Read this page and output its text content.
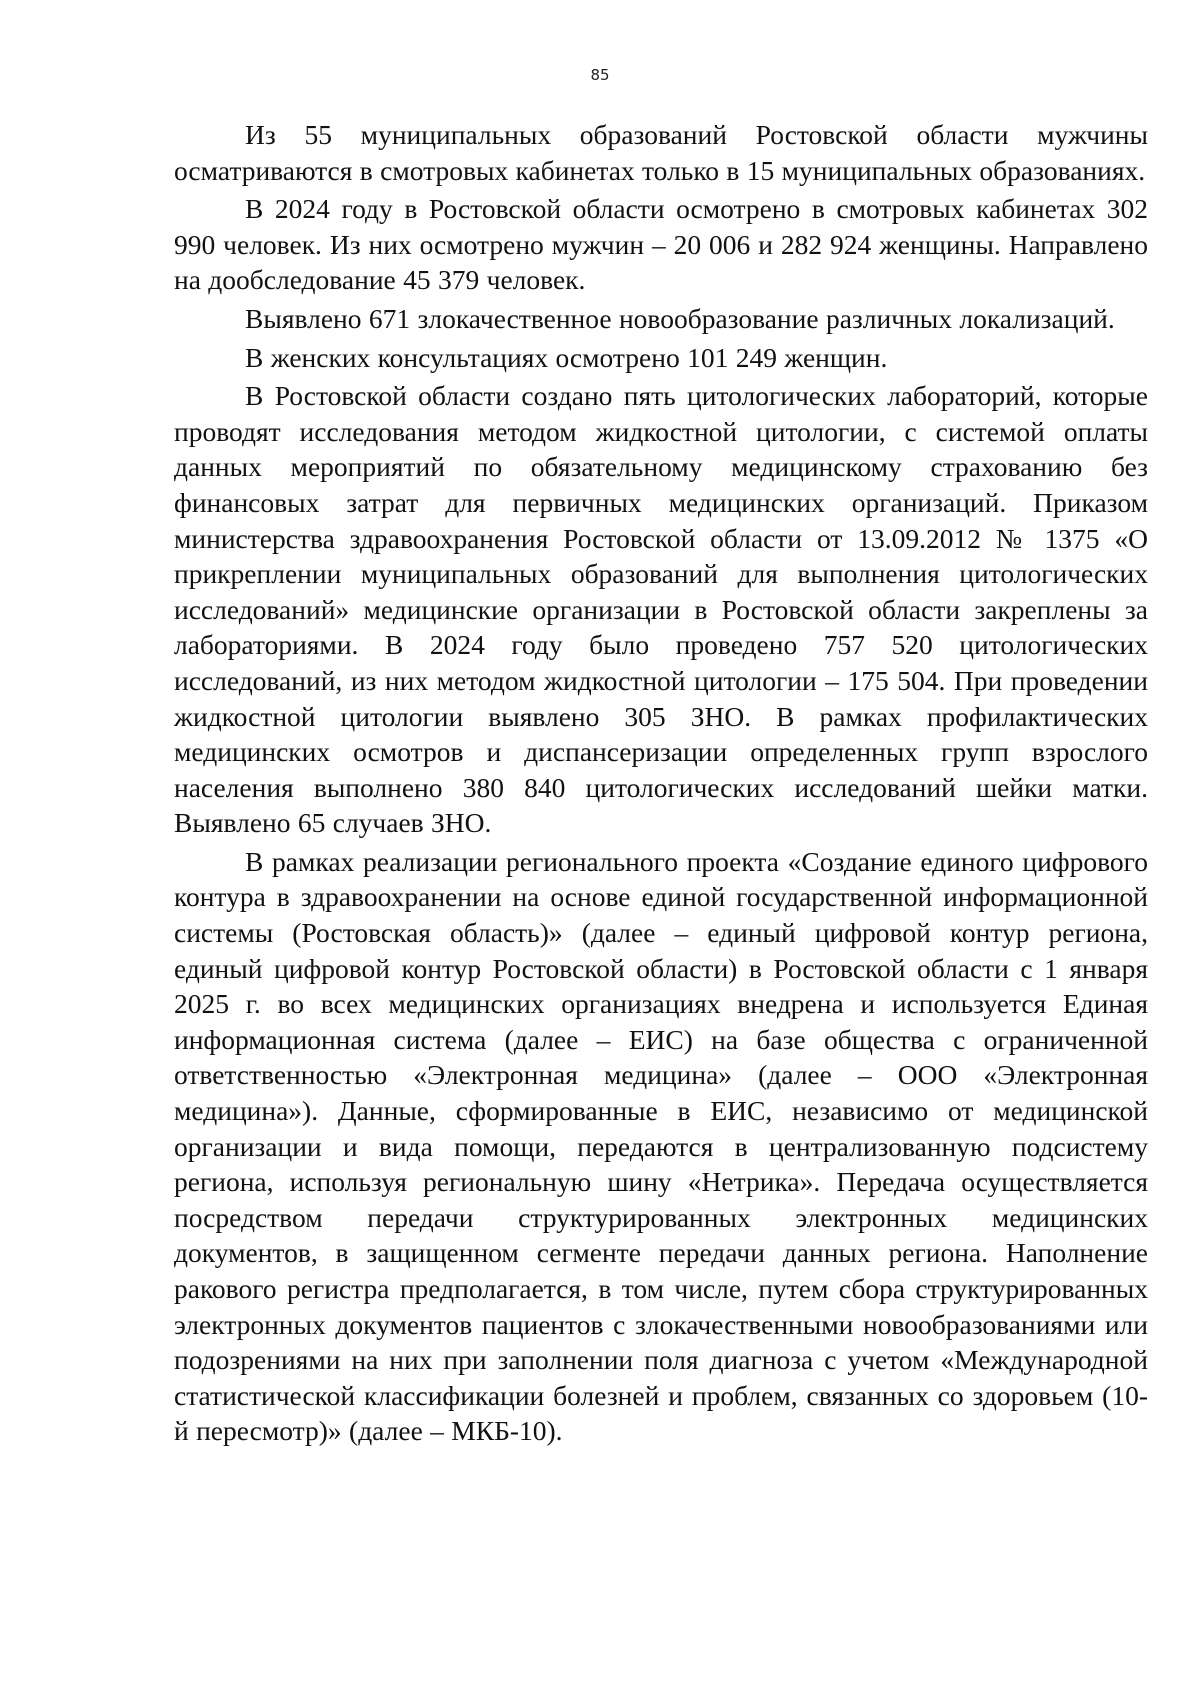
85

Из 55 муниципальных образований Ростовской области мужчины осматриваются в смотровых кабинетах только в 15 муниципальных образованиях.

В 2024 году в Ростовской области осмотрено в смотровых кабинетах 302 990 человек. Из них осмотрено мужчин – 20 006 и 282 924 женщины. Направлено на дообследование 45 379 человек.

Выявлено 671 злокачественное новообразование различных локализаций.

В женских консультациях осмотрено 101 249 женщин.

В Ростовской области создано пять цитологических лабораторий, которые проводят исследования методом жидкостной цитологии, с системой оплаты данных мероприятий по обязательному медицинскому страхованию без финансовых затрат для первичных медицинских организаций. Приказом министерства здравоохранения Ростовской области от 13.09.2012 № 1375 «О прикреплении муниципальных образований для выполнения цитологических исследований» медицинские организации в Ростовской области закреплены за лабораториями. В 2024 году было проведено 757 520 цитологических исследований, из них методом жидкостной цитологии – 175 504. При проведении жидкостной цитологии выявлено 305 ЗНО. В рамках профилактических медицинских осмотров и диспансеризации определенных групп взрослого населения выполнено 380 840 цитологических исследований шейки матки. Выявлено 65 случаев ЗНО.

В рамках реализации регионального проекта «Создание единого цифрового контура в здравоохранении на основе единой государственной информационной системы (Ростовская область)» (далее – единый цифровой контур региона, единый цифровой контур Ростовской области) в Ростовской области с 1 января 2025 г. во всех медицинских организациях внедрена и используется Единая информационная система (далее – ЕИС) на базе общества с ограниченной ответственностью «Электронная медицина» (далее – ООО «Электронная медицина»). Данные, сформированные в ЕИС, независимо от медицинской организации и вида помощи, передаются в централизованную подсистему региона, используя региональную шину «Нетрика». Передача осуществляется посредством передачи структурированных электронных медицинских документов, в защищенном сегменте передачи данных региона. Наполнение ракового регистра предполагается, в том числе, путем сбора структурированных электронных документов пациентов с злокачественными новообразованиями или подозрениями на них при заполнении поля диагноза с учетом «Международной статистической классификации болезней и проблем, связанных со здоровьем (10-й пересмотр)» (далее – МКБ-10).
